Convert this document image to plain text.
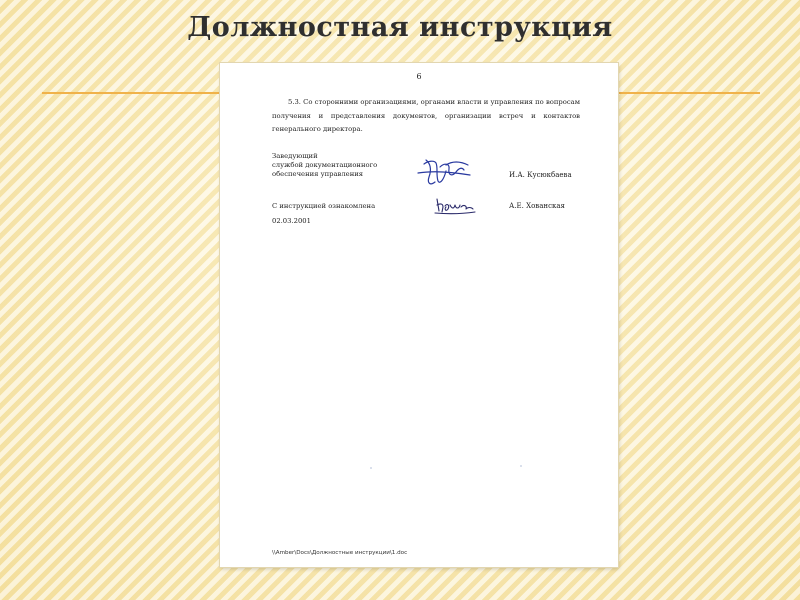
Должностная инструкция
6
5.3. Со сторонними организациями, органами власти и управления по вопросам получения и представления документов, организации встреч и контактов генерального директора.
Заведующий
службой документационного
обеспечения управления	И.А. Кусюкбаева
С инструкцией ознакомлена
02.03.2001
А.Е. Хованская
\\Amber\Docs\Должностные инструкции\1.doc
